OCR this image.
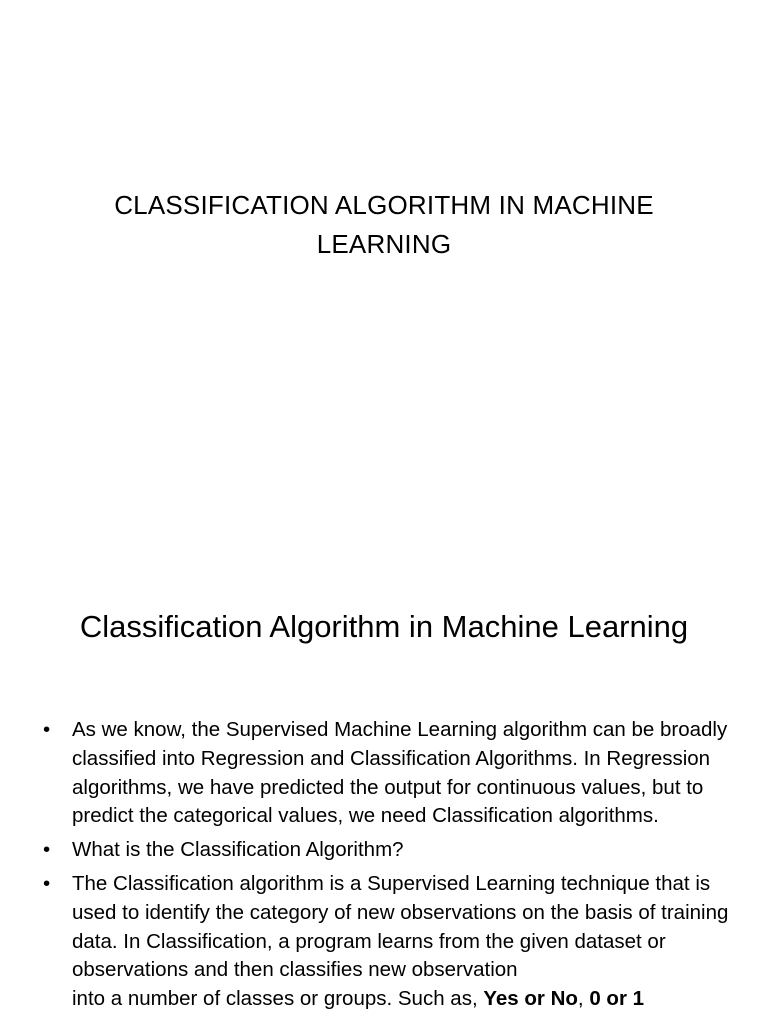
CLASSIFICATION ALGORITHM IN MACHINE LEARNING
Classification Algorithm in Machine Learning
• As we know, the Supervised Machine Learning algorithm can be broadly classified into Regression and Classification Algorithms. In Regression algorithms, we have predicted the output for continuous values, but to predict the categorical values, we need Classification algorithms.
• What is the Classification Algorithm?
• The Classification algorithm is a Supervised Learning technique that is used to identify the category of new observations on the basis of training data. In Classification, a program learns from the given dataset or observations and then classifies new observation into a number of classes or groups. Such as, Yes or No, 0 or 1
